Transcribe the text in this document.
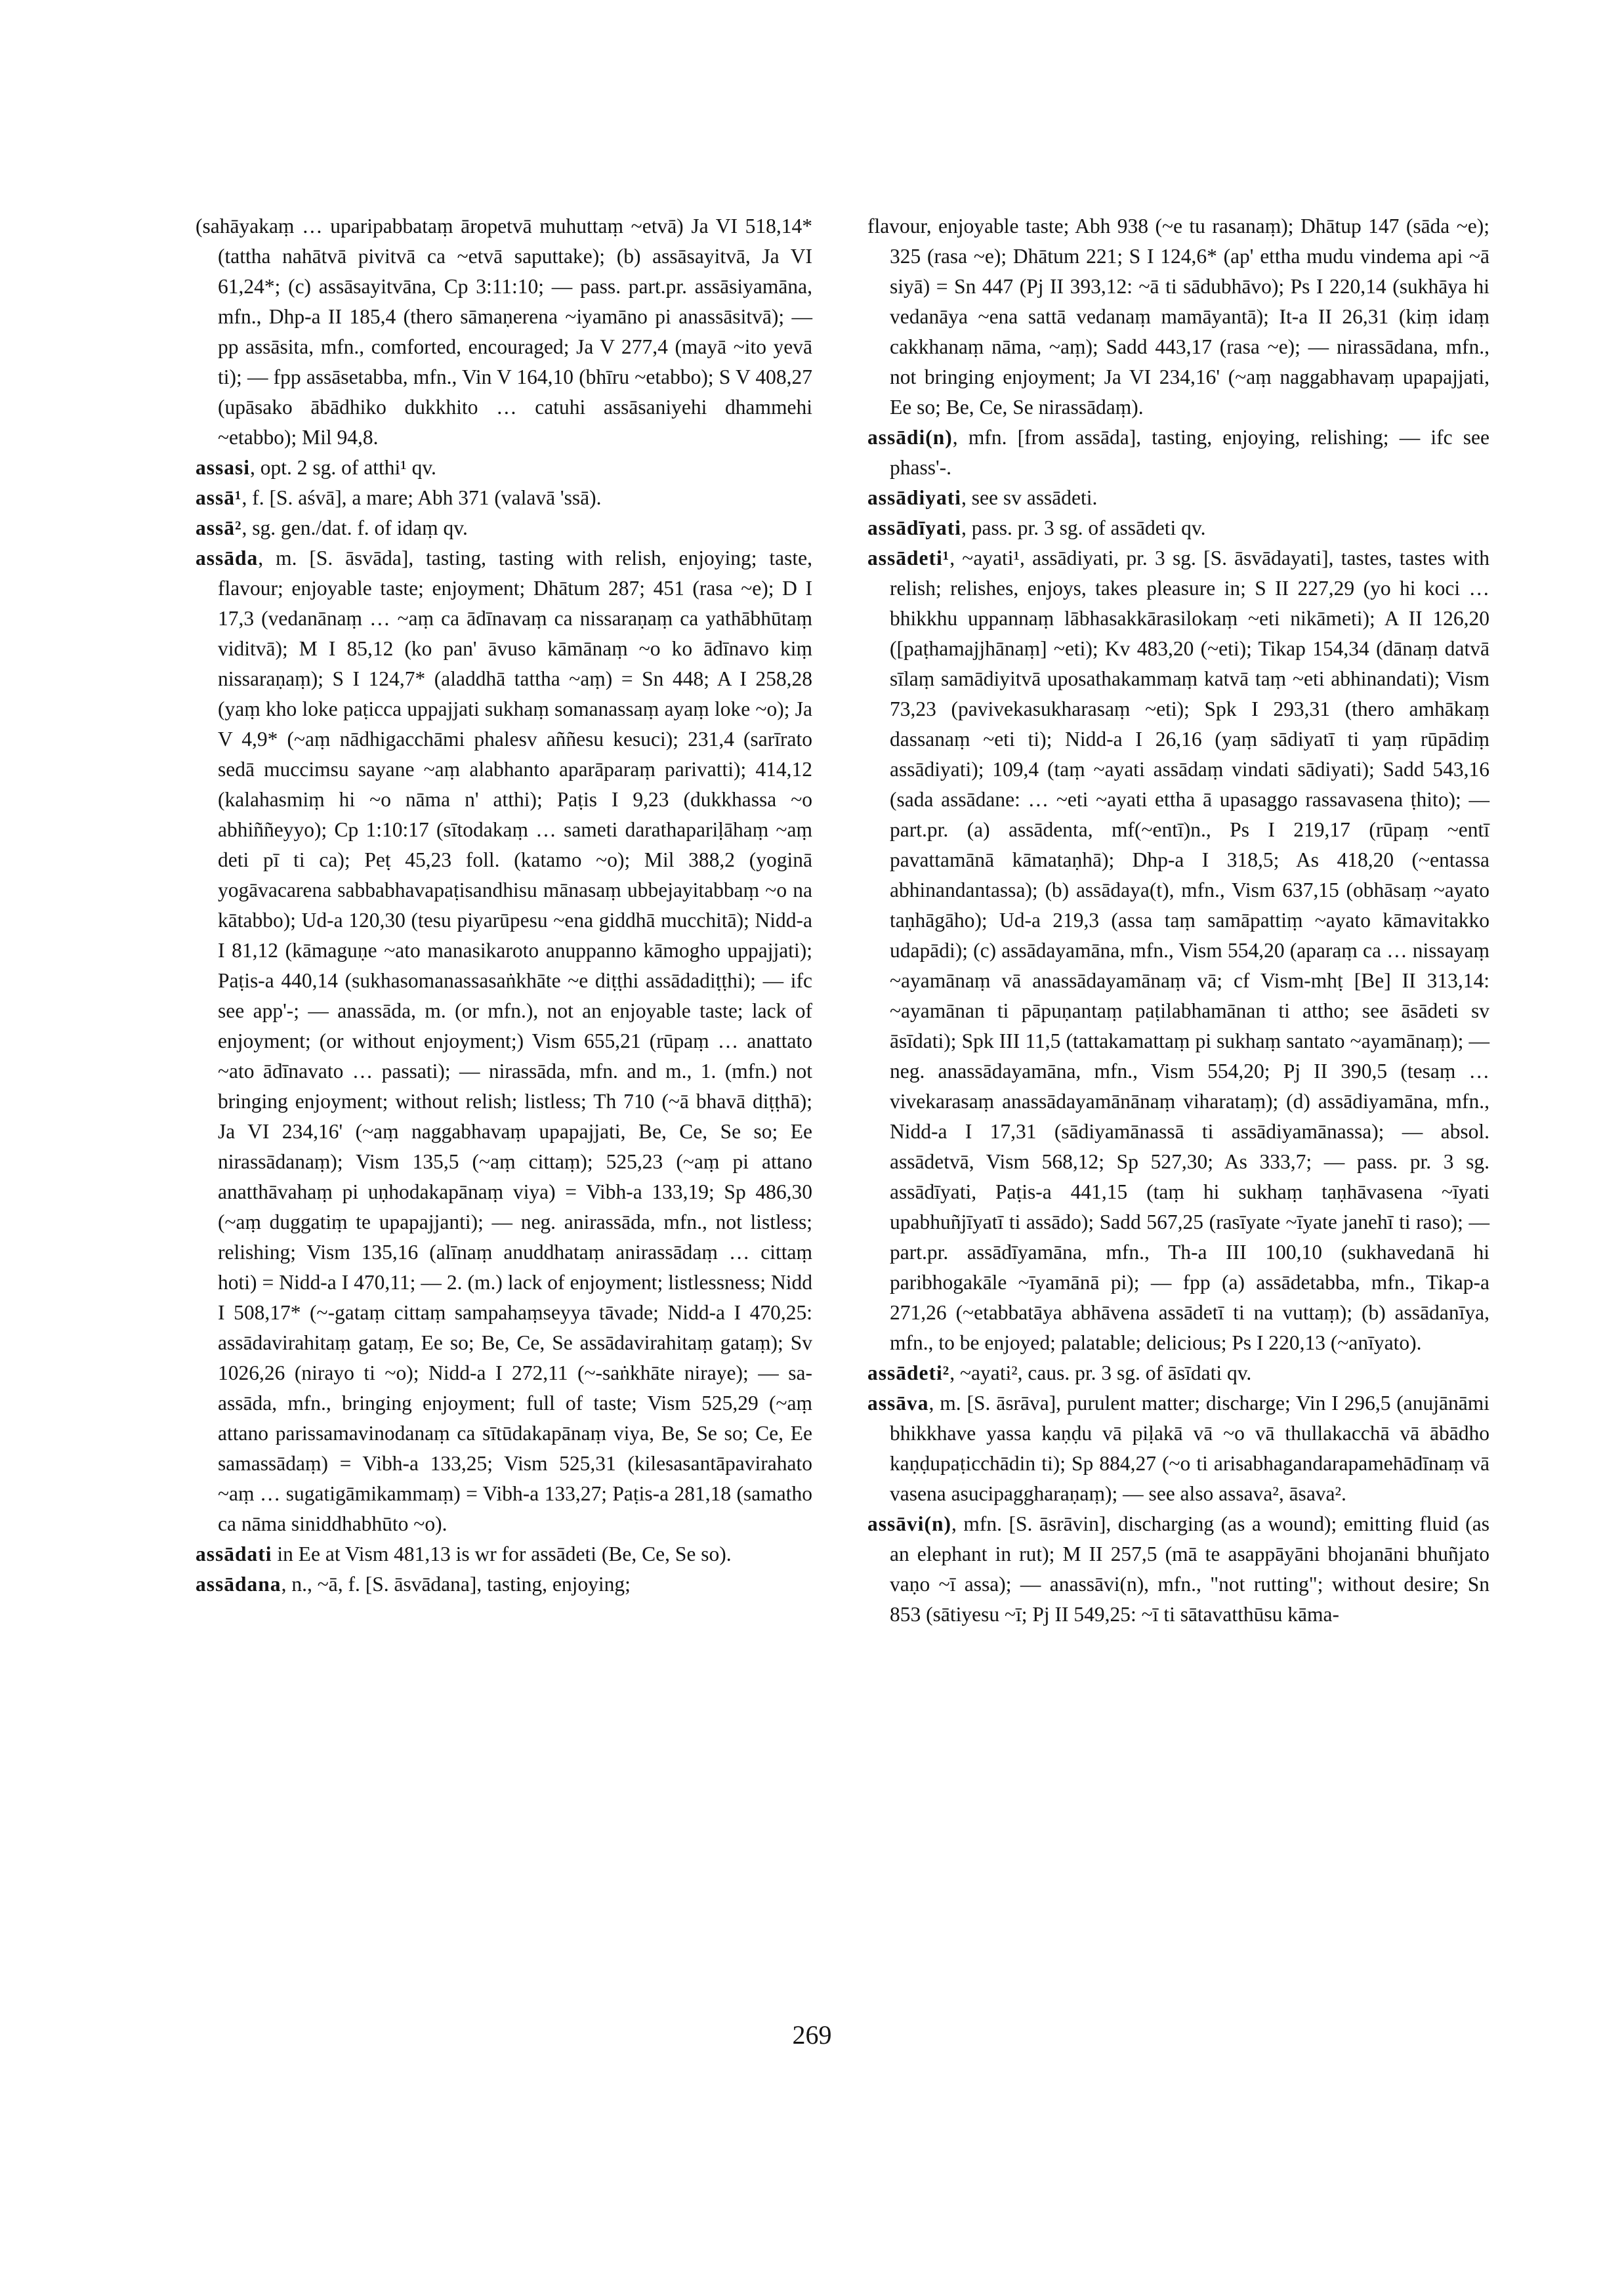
(sahāyakaṃ … uparipabbataṃ āropetvā muhuttaṃ ~etvā) Ja VI 518,14* (tattha nahātvā pivitvā ca ~etvā saputtake); (b) assāsayitvā, Ja VI 61,24*; (c) assāsayitvāna, Cp 3:11:10; — pass. part.pr. assāsiyamāna, mfn., Dhp-a II 185,4 (thero sāmaṇerena ~iyamāno pi anassāsitvā); — pp assāsita, mfn., comforted, encouraged; Ja V 277,4 (mayā ~ito yevā ti); — fpp assāsetabba, mfn., Vin V 164,10 (bhīru ~etabbo); S V 408,27 (upāsako ābādhiko dukkhito … catuhi assāsaniyehi dhammehi ~etabbo); Mil 94,8.

assasi, opt. 2 sg. of atthi¹ qv.

assā¹, f. [S. aśvā], a mare; Abh 371 (valavā 'ssā).

assā², sg. gen./dat. f. of idaṃ qv.

assāda, m. [S. āsvāda], tasting, tasting with relish, enjoying; taste, flavour; enjoyable taste; enjoyment; Dhātum 287; 451 (rasa ~e); D I 17,3 (vedanānaṃ … ~aṃ ca ādīnavaṃ ca nissaraṇaṃ ca yathābhūtaṃ viditvā); M I 85,12 (ko pan' āvuso kāmānaṃ ~o ko ādīnavo kiṃ nissaraṇaṃ); S I 124,7* (aladdhā tattha ~aṃ) = Sn 448; A I 258,28 (yaṃ kho loke paṭicca uppajjati sukhaṃ somanassaṃ ayaṃ loke ~o); Ja V 4,9* (~aṃ nādhigacchāmi phalesv aññesu kesuci); 231,4 (sarīrato sedā muccimsu sayane ~aṃ alabhanto aparāparaṃ parivatti); 414,12 (kalahasmiṃ hi ~o nāma n' atthi); Paṭis I 9,23 (dukkhassa ~o abhiññeyyo); Cp 1:10:17 (sītodakaṃ … sameti darathapariḷāhaṃ ~aṃ deti pī ti ca); Peṭ 45,23 foll. (katamo ~o); Mil 388,2 (yoginā yogāvacarena sabbabhavapaṭisandhisu mānasaṃ ubbejayitabbaṃ ~o na kātabbo); Ud-a 120,30 (tesu piyarūpesu ~ena giddhā mucchitā); Nidd-a I 81,12 (kāmaguṇe ~ato manasikaroto anuppanno kāmogho uppajjati); Paṭis-a 440,14 (sukhasomanassasaṅkhāte ~e diṭṭhi assādadiṭṭhi); — ifc see app'-; — anassāda, m. (or mfn.), not an enjoyable taste; lack of enjoyment; (or without enjoyment;) Vism 655,21 (rūpaṃ … anattato ~ato ādīnavato … passati); — nirassāda, mfn. and m., 1. (mfn.) not bringing enjoyment; without relish; listless; Th 710 (~ā bhavā diṭṭhā); Ja VI 234,16' (~aṃ naggabhavaṃ upapajjati, Be, Ce, Se so; Ee nirassādanaṃ); Vism 135,5 (~aṃ cittaṃ); 525,23 (~aṃ pi attano anatthāvahaṃ pi uṇhodakapānaṃ viya) = Vibh-a 133,19; Sp 486,30 (~aṃ duggatiṃ te upapajjanti); — neg. anirassāda, mfn., not listless; relishing; Vism 135,16 (alīnaṃ anuddhataṃ anirassādaṃ … cittaṃ hoti) = Nidd-a I 470,11; — 2. (m.) lack of enjoyment; listlessness; Nidd I 508,17* (~-gataṃ cittaṃ sampahaṃseyya tāvade; Nidd-a I 470,25: assādavirahitaṃ gataṃ, Ee so; Be, Ce, Se assādavirahitaṃ gataṃ); Sv 1026,26 (nirayo ti ~o); Nidd-a I 272,11 (~-saṅkhāte niraye); — sa-assāda, mfn., bringing enjoyment; full of taste; Vism 525,29 (~aṃ attano parissamavinodanaṃ ca sītūdakapānaṃ viya, Be, Se so; Ce, Ee samassādaṃ) = Vibh-a 133,25; Vism 525,31 (kilesasantāpavirahato ~aṃ … sugatigāmikammaṃ) = Vibh-a 133,27; Paṭis-a 281,18 (samatho ca nāma siniddhabhūto ~o).

assādati in Ee at Vism 481,13 is wr for assādeti (Be, Ce, Se so).

assādana, n., ~ā, f. [S. āsvādana], tasting, enjoying;

flavour, enjoyable taste; Abh 938 (~e tu rasanaṃ); Dhātup 147 (sāda ~e); 325 (rasa ~e); Dhātum 221; S I 124,6* (ap' ettha mudu vindema api ~ā siyā) = Sn 447 (Pj II 393,12: ~ā ti sādubhāvo); Ps I 220,14 (sukhāya hi vedanāya ~ena sattā vedanaṃ mamāyantā); It-a II 26,31 (kiṃ idaṃ cakkhanaṃ nāma, ~aṃ); Sadd 443,17 (rasa ~e); — nirassādana, mfn., not bringing enjoyment; Ja VI 234,16' (~aṃ naggabhavaṃ upapajjati, Ee so; Be, Ce, Se nirassādaṃ).

assādi(n), mfn. [from assāda], tasting, enjoying, relishing; — ifc see phass'-.

assādiyati, see sv assādeti.

assādīyati, pass. pr. 3 sg. of assādeti qv.

assādeti¹, ~ayati¹, assādiyati, pr. 3 sg. [S. āsvādayati], tastes, tastes with relish; relishes, enjoys, takes pleasure in; S II 227,29 (yo hi koci … bhikkhu uppannaṃ lābhasakkārasilokaṃ ~eti nikāmeti); A II 126,20 ([paṭhamajjhānaṃ] ~eti); Kv 483,20 (~eti); Tikap 154,34 (dānaṃ datvā sīlaṃ samādiyitvā uposathakammaṃ katvā taṃ ~eti abhinandati); Vism 73,23 (pavivekasukharasaṃ ~eti); Spk I 293,31 (thero amhākaṃ dassanaṃ ~eti ti); Nidd-a I 26,16 (yaṃ sādiyatī ti yaṃ rūpādiṃ assādiyati); 109,4 (taṃ ~ayati assādaṃ vindati sādiyati); Sadd 543,16 (sada assādane: … ~eti ~ayati ettha ā upasaggo rassavasena ṭhito); — part.pr. (a) assādenta, mf(~entī)n., Ps I 219,17 (rūpaṃ ~entī pavattamānā kāmataṇhā); Dhp-a I 318,5; As 418,20 (~entassa abhinandantassa); (b) assādaya(t), mfn., Vism 637,15 (obhāsaṃ ~ayato taṇhāgāho); Ud-a 219,3 (assa taṃ samāpattiṃ ~ayato kāmavitakko udapādi); (c) assādayamāna, mfn., Vism 554,20 (aparaṃ ca … nissayaṃ ~ayamānaṃ vā anassādayamānaṃ vā; cf Vism-mhṭ [Be] II 313,14: ~ayamānan ti pāpuṇantaṃ paṭilabhamānan ti attho; see āsādeti sv āsīdati); Spk III 11,5 (tattakamattaṃ pi sukhaṃ santato ~ayamānaṃ); — neg. anassādayamāna, mfn., Vism 554,20; Pj II 390,5 (tesaṃ … vivekarasaṃ anassādayamānānaṃ viharataṃ); (d) assādiyamāna, mfn., Nidd-a I 17,31 (sādiyamānassā ti assādiyamānassa); — absol. assādetvā, Vism 568,12; Sp 527,30; As 333,7; — pass. pr. 3 sg. assādīyati, Paṭis-a 441,15 (taṃ hi sukhaṃ taṇhāvasena ~īyati upabhuñjīyatī ti assādo); Sadd 567,25 (rasīyate ~īyate janehī ti raso); — part.pr. assādīyamāna, mfn., Th-a III 100,10 (sukhavedanā hi paribhogakāle ~īyamānā pi); — fpp (a) assādetabba, mfn., Tikap-a 271,26 (~etabbatāya abhāvena assādetī ti na vuttaṃ); (b) assādanīya, mfn., to be enjoyed; palatable; delicious; Ps I 220,13 (~anīyato).

assādeti², ~ayati², caus. pr. 3 sg. of āsīdati qv.

assāva, m. [S. āsrāva], purulent matter; discharge; Vin I 296,5 (anujānāmi bhikkhave yassa kaṇḍu vā piḷakā vā ~o vā thullakacchā vā ābādho kaṇḍupaṭicchādin ti); Sp 884,27 (~o ti arisabhagandarapamehādīnaṃ vā vasena asucipaggharaṇaṃ); — see also assava², āsava².

assāvi(n), mfn. [S. āsrāvin], discharging (as a wound); emitting fluid (as an elephant in rut); M II 257,5 (mā te asappāyāni bhojanāni bhuñjato vaṇo ~ī assa); — anassāvi(n), mfn., "not rutting"; without desire; Sn 853 (sātiyesu ~ī; Pj II 549,25: ~ī ti sātavatthūsu kāma-

269
